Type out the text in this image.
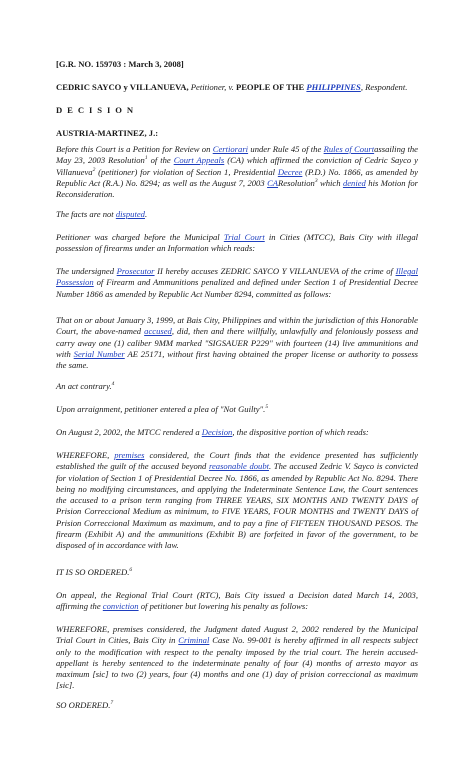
[G.R. NO. 159703 : March 3, 2008]

CEDRIC SAYCO y VILLANUEVA, Petitioner, v. PEOPLE OF THE PHILIPPINES, Respondent.

D E C I S I O N

AUSTRIA-MARTINEZ, J.:

Before this Court is a Petition for Review on Certiorari under Rule 45 of the Rules of Courtassailing the May 23, 2003 Resolution$^1$ of the Court Appeals (CA) which affirmed the conviction of Cedric Sayco y Villanueva$^2$ (petitioner) for violation of Section 1, Presidential Decree (P.D.) No. 1866, as amended by Republic Act (R.A.) No. 8294; as well as the August 7, 2003 CAResolution$^3$ which denied his Motion for Reconsideration.

The facts are not disputed.

Petitioner was charged before the Municipal Trial Court in Cities (MTCC), Bais City with illegal possession of firearms under an Information which reads:

The undersigned Prosecutor II hereby accuses ZEDRIC SAYCO Y VILLANUEVA of the crime of Illegal Possession of Firearm and Ammunitions penalized and defined under Section 1 of Presidential Decree Number 1866 as amended by Republic Act Number 8294, committed as follows:

That on or about January 3, 1999, at Bais City, Philippines and within the jurisdiction of this Honorable Court, the above-named accused, did, then and there willfully, unlawfully and feloniously possess and carry away one (1) caliber 9MM marked "SIGSAUER P229" with fourteen (14) live ammunitions and with Serial Number AE 25171, without first having obtained the proper license or authority to possess the same.

An act contrary.$^4$

Upon arraignment, petitioner entered a plea of "Not Guilty".$^5$

On August 2, 2002, the MTCC rendered a Decision, the dispositive portion of which reads:

WHEREFORE, premises considered, the Court finds that the evidence presented has sufficiently established the guilt of the accused beyond reasonable doubt. The accused Zedric V. Sayco is convicted for violation of Section 1 of Presidential Decree No. 1866, as amended by Republic Act No. 8294. There being no modifying circumstances, and applying the Indeterminate Sentence Law, the Court sentences the accused to a prison term ranging from THREE YEARS, SIX MONTHS AND TWENTY DAYS of Prision Correccional Medium as minimum, to FIVE YEARS, FOUR MONTHS and TWENTY DAYS of Prision Correccional Maximum as maximum, and to pay a fine of FIFTEEN THOUSAND PESOS. The firearm (Exhibit A) and the ammunitions (Exhibit B) are forfeited in favor of the government, to be disposed of in accordance with law.

IT IS SO ORDERED.$^6$

On appeal, the Regional Trial Court (RTC), Bais City issued a Decision dated March 14, 2003, affirming the conviction of petitioner but lowering his penalty as follows:

WHEREFORE, premises considered, the Judgment dated August 2, 2002 rendered by the Municipal Trial Court in Cities, Bais City in Criminal Case No. 99-001 is hereby affirmed in all respects subject only to the modification with respect to the penalty imposed by the trial court. The herein accused-appellant is hereby sentenced to the indeterminate penalty of four (4) months of arresto mayor as maximum [sic] to two (2) years, four (4) months and one (1) day of prision correccional as maximum [sic].

SO ORDERED.$^7$
